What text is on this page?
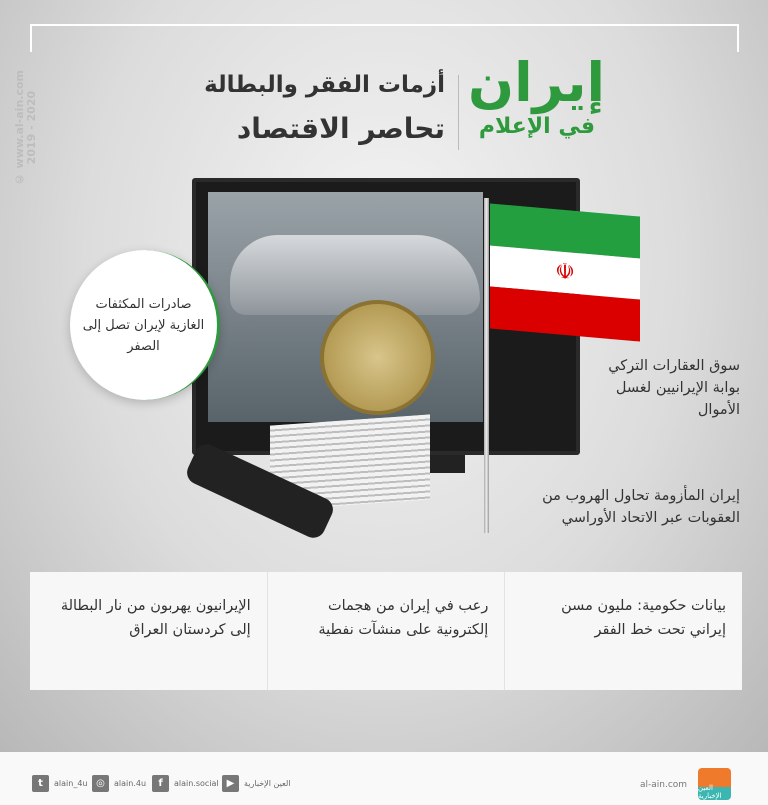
© www.al-ain.com
2019 - 2020
إيران
في الإعلام
أزمات الفقر والبطالة
تحاصر الاقتصاد
☫
صادرات المكثفات الغازية لإيران تصل إلى الصفر
سوق العقارات التركي بوابة الإيرانيين لغسل الأموال
إيران المأزومة تحاول الهروب من العقوبات عبر الاتحاد الأوراسي
بيانات حكومية: مليون مسن إيراني تحت خط الفقر
رعب في إيران من هجمات إلكترونية على منشآت نفطية
الإيرانيون يهربون من نار البطالة إلى كردستان العراق
t	alain_4u ◎	alain.4u	f	alain.social ▶	العين الإخبارية	al-ain.com العين الإخبارية
